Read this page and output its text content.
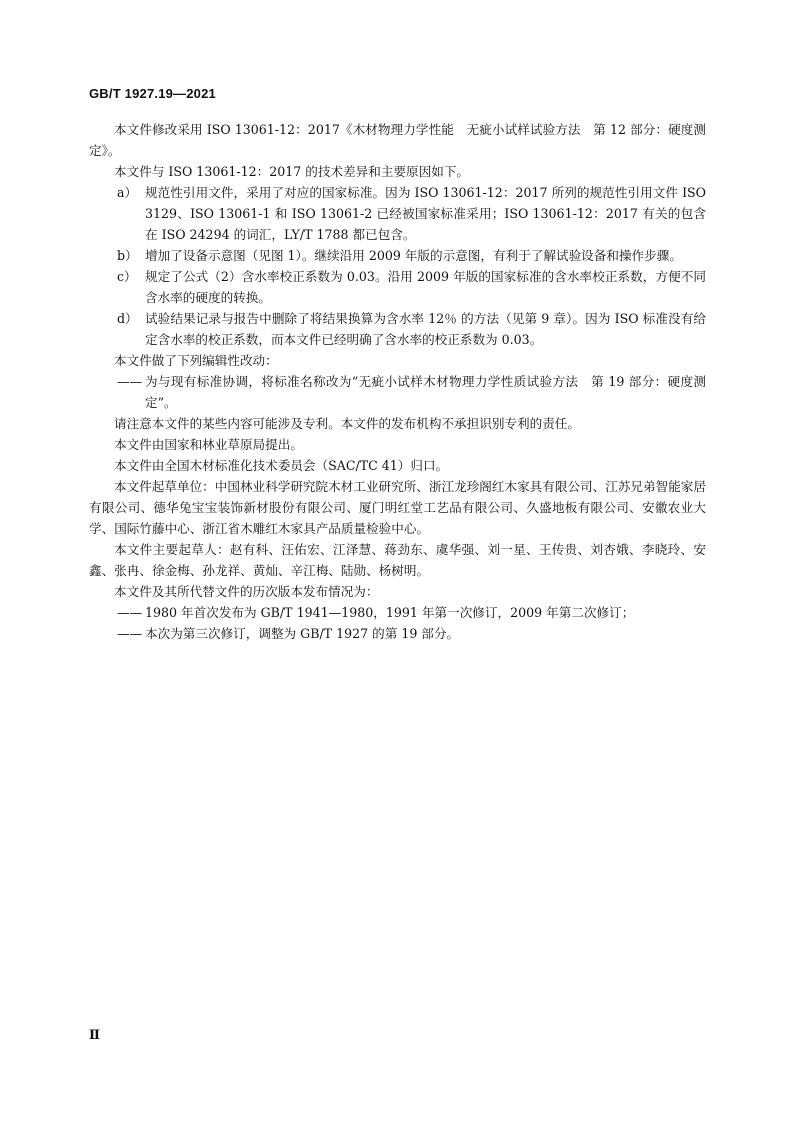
GB/T 1927.19—2021

本文件修改采用 ISO 13061-12：2017《木材物理力学性能　无疵小试样试验方法　第 12 部分：硬度测定》。

本文件与 ISO 13061-12：2017 的技术差异和主要原因如下。

a） 规范性引用文件，采用了对应的国家标准。因为 ISO 13061-12：2017 所列的规范性引用文件 ISO 3129、ISO 13061-1 和 ISO 13061-2 已经被国家标准采用；ISO 13061-12：2017 有关的包含在 ISO 24294 的词汇，LY/T 1788 都已包含。
b） 增加了设备示意图（见图 1）。继续沿用 2009 年版的示意图，有利于了解试验设备和操作步骤。
c） 规定了公式（2）含水率校正系数为 0.03。沿用 2009 年版的国家标准的含水率校正系数，方便不同含水率的硬度的转换。
d） 试验结果记录与报告中删除了将结果换算为含水率 12％ 的方法（见第 9 章）。因为 ISO 标准没有给定含水率的校正系数，而本文件已经明确了含水率的校正系数为 0.03。

本文件做了下列编辑性改动：

—— 为与现有标准协调，将标准名称改为“无疵小试样木材物理力学性质试验方法　第 19 部分：硬度测定”。

请注意本文件的某些内容可能涉及专利。本文件的发布机构不承担识别专利的责任。

本文件由国家和林业草原局提出。

本文件由全国木材标准化技术委员会（SAC/TC 41）归口。

本文件起草单位：中国林业科学研究院木材工业研究所、浙江龙珍阁红木家具有限公司、江苏兄弟智能家居有限公司、德华兔宝宝装饰新材股份有限公司、厦门明红堂工艺品有限公司、久盛地板有限公司、安徽农业大学、国际竹藤中心、浙江省木雕红木家具产品质量检验中心。

本文件主要起草人：赵有科、汪佑宏、江泽慧、蒋劲东、虞华强、刘一星、王传贵、刘杏娥、李晓玲、安鑫、张冉、徐金梅、孙龙祥、黄灿、辛江梅、陆勋、杨树明。

本文件及其所代替文件的历次版本发布情况为：

—— 1980 年首次发布为 GB/T 1941—1980，1991 年第一次修订，2009 年第二次修订；
—— 本次为第三次修订，调整为 GB/T 1927 的第 19 部分。
Ⅱ
